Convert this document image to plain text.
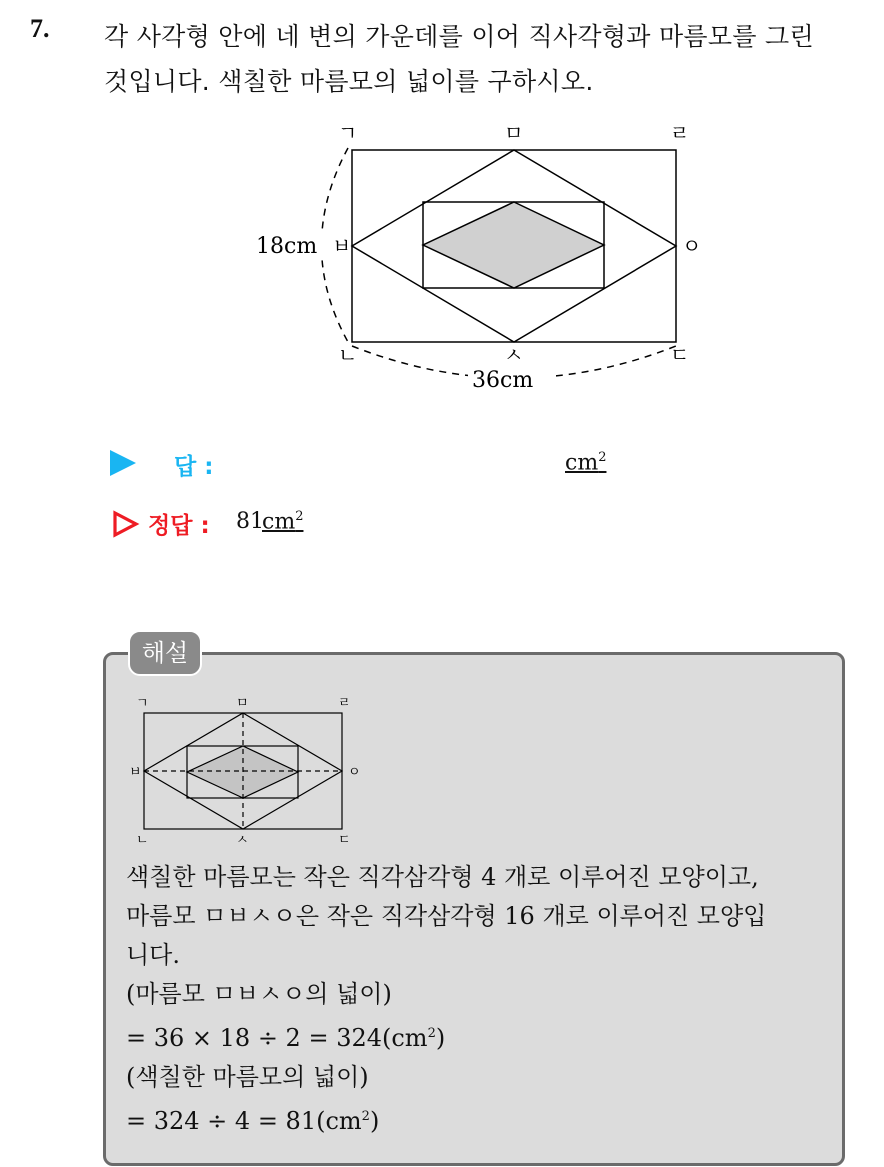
7. 각 사각형 안에 네 변의 가운데를 이어 직사각형과 마름모를 그린
것입니다. 색칠한 마름모의 넓이를 구하시오.
ㄱ	ㅁ	ㄹ
ㅂ	ㅇ
ㄴ	ㅅ	ㄷ
18cm
36cm
답 :	$cm^2$
정답 : 81
$cm^2$
해설
ㄱ	ㅁ	ㄹ
ㅂ	ㅇ
ㄴ	ㅅ	ㄷ
색칠한 마름모는 작은 직각삼각형 4 개로 이루어진 모양이고,
마름모 ㅁㅂㅅㅇ은 작은 직각삼각형 16 개로 이루어진 모양입
니다.
(마름모 ㅁㅂㅅㅇ의 넓이)
= $36 \times 18 \div 2 = 324(cm^2)$
(색칠한 마름모의 넓이)
= $324 \div 4 = 81(cm^2)$
